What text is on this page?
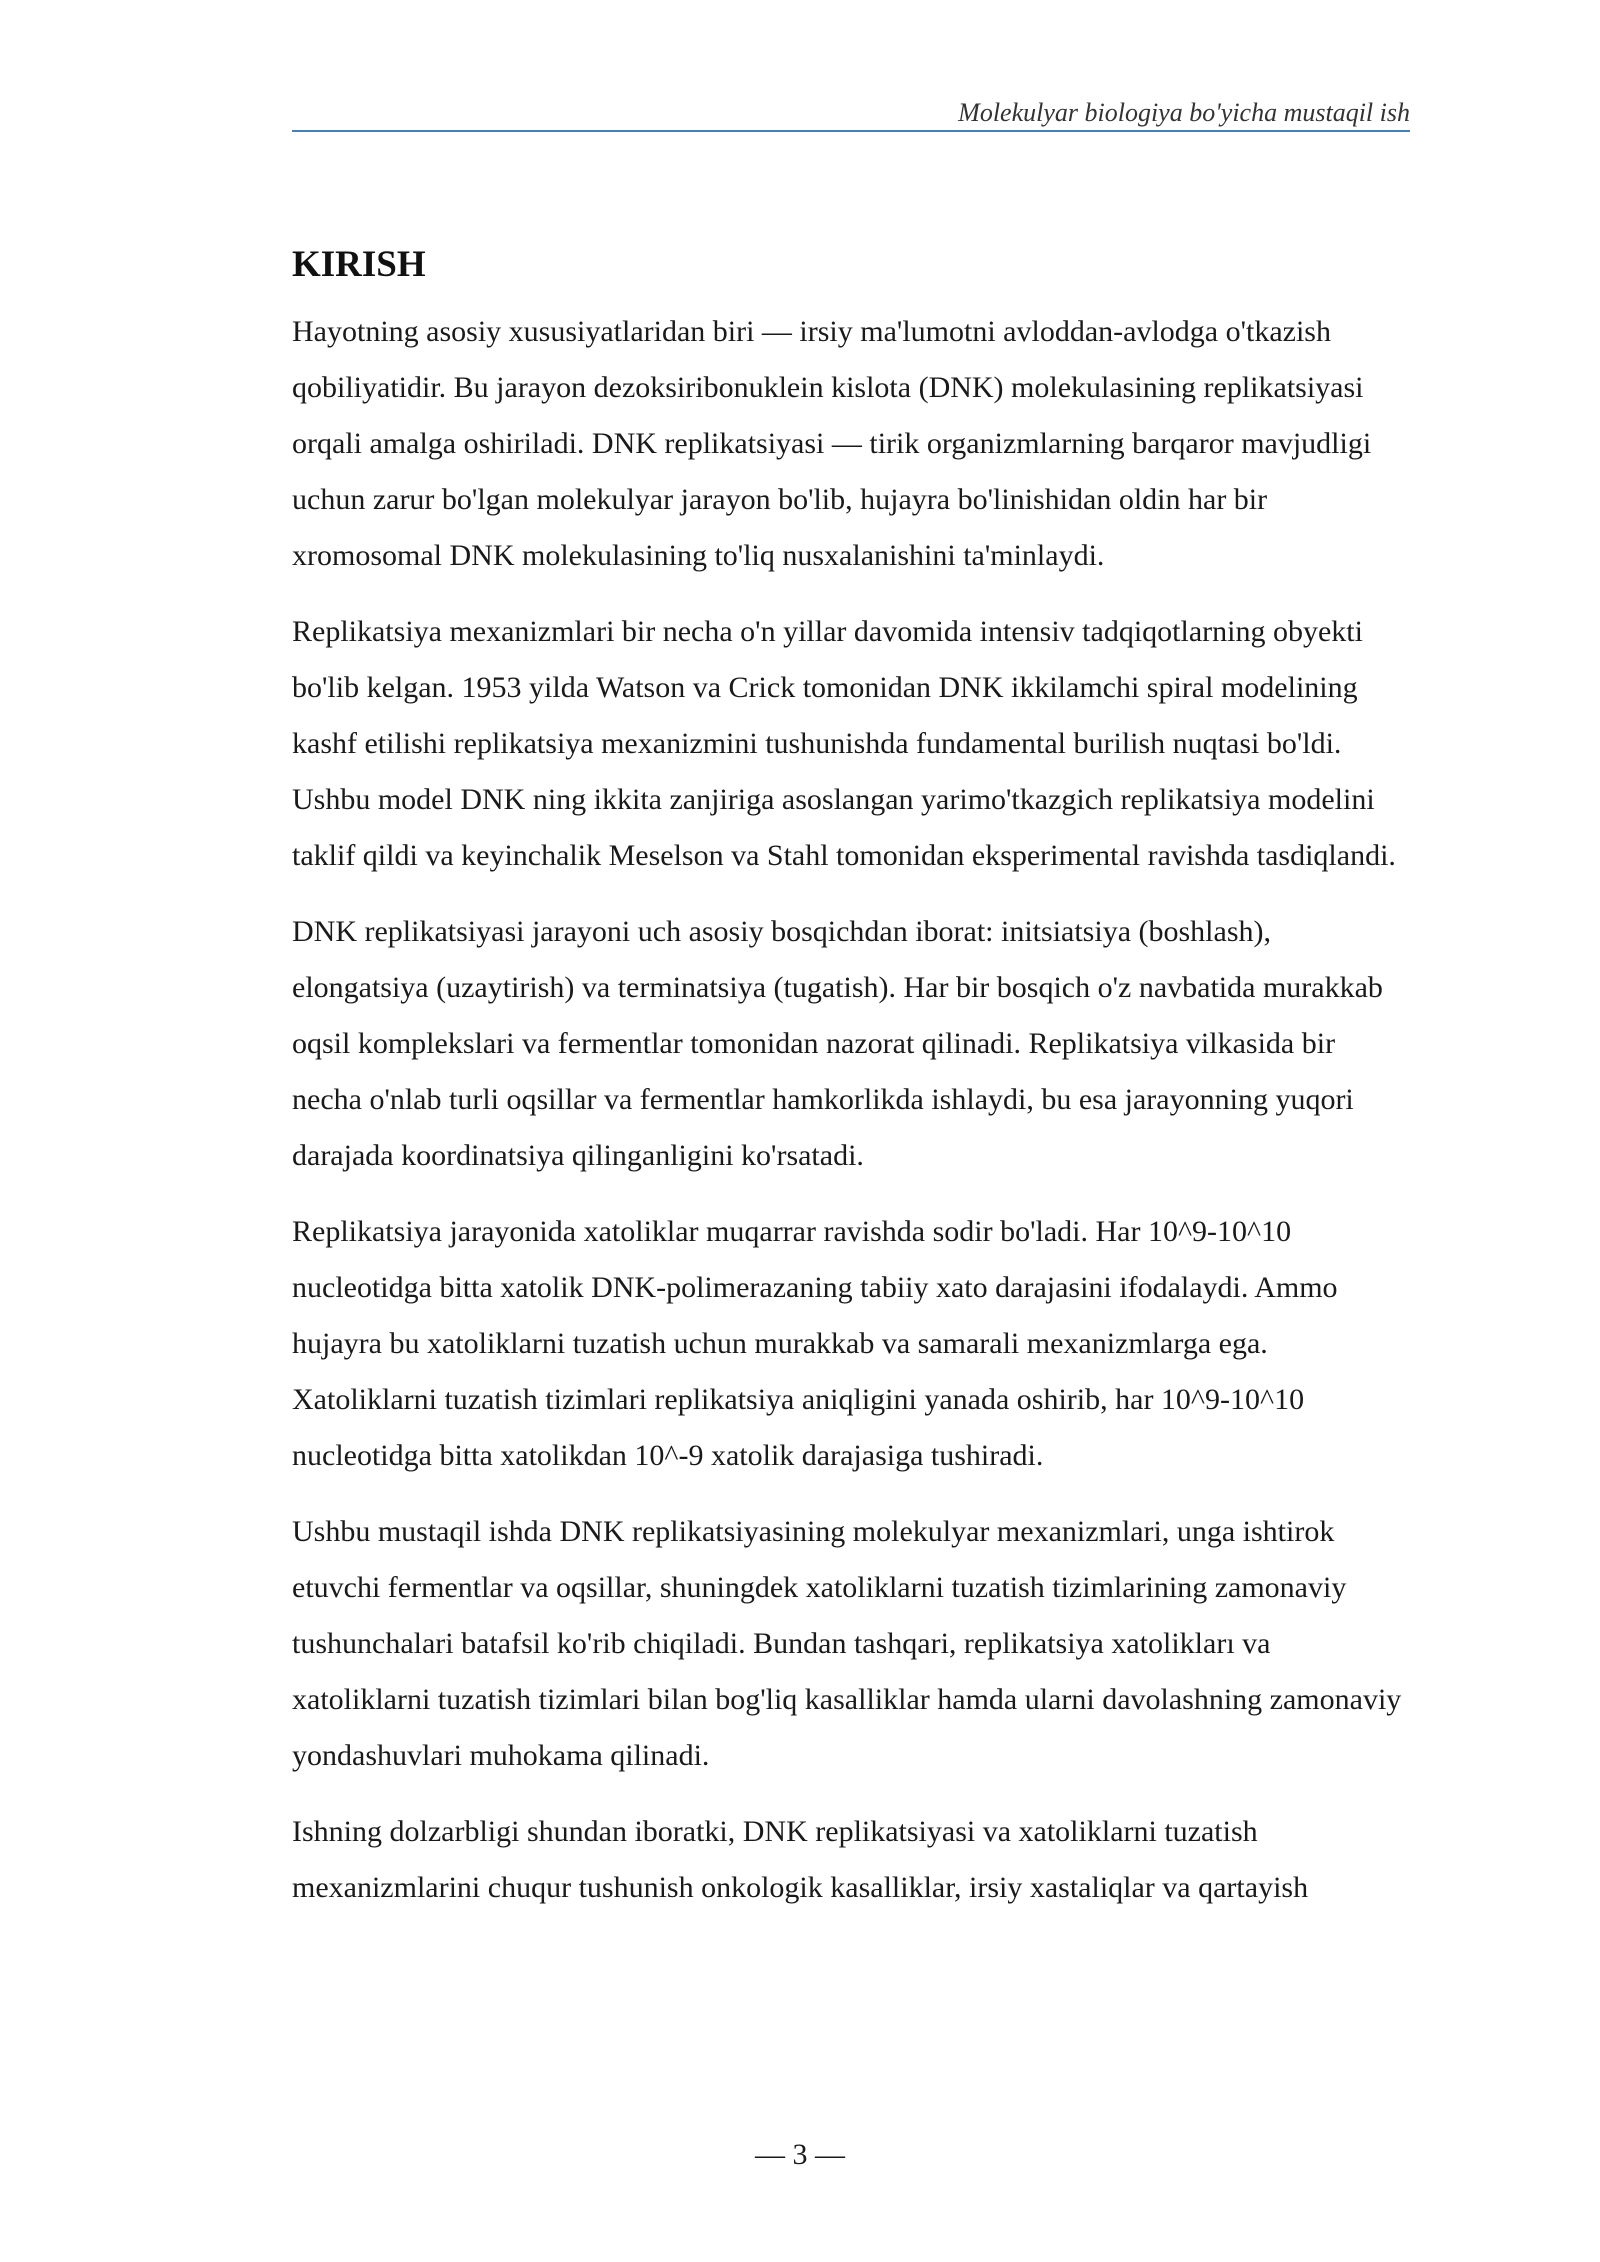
Molekulyar biologiya bo'yicha mustaqil ish
KIRISH

Hayotning asosiy xususiyatlaridan biri — irsiy ma'lumotni avloddan-avlodga o'tkazish qobiliyatidir. Bu jarayon dezoksiribonuklein kislota (DNK) molekulasining replikatsiyasi orqali amalga oshiriladi. DNK replikatsiyasi — tirik organizmlarning barqaror mavjudligi uchun zarur bo'lgan molekulyar jarayon bo'lib, hujayra bo'linishidan oldin har bir xromosomal DNK molekulasining to'liq nusxalanishini ta'minlaydi.

Replikatsiya mexanizmlari bir necha o'n yillar davomida intensiv tadqiqotlarning obyekti bo'lib kelgan. 1953 yilda Watson va Crick tomonidan DNK ikkilamchi spiral modelining kashf etilishi replikatsiya mexanizmini tushunishda fundamental burilish nuqtasi bo'ldi. Ushbu model DNK ning ikkita zanjiriga asoslangan yarimo'tkazgich replikatsiya modelini taklif qildi va keyinchalik Meselson va Stahl tomonidan eksperimental ravishda tasdiqlandi.

DNK replikatsiyasi jarayoni uch asosiy bosqichdan iborat: initsiatsiya (boshlash), elongatsiya (uzaytirish) va terminatsiya (tugatish). Har bir bosqich o'z navbatida murakkab oqsil komplekslari va fermentlar tomonidan nazorat qilinadi. Replikatsiya vilkasida bir necha o'nlab turli oqsillar va fermentlar hamkorlikda ishlaydi, bu esa jarayonning yuqori darajada koordinatsiya qilinganligini ko'rsatadi.

Replikatsiya jarayonida xatoliklar muqarrar ravishda sodir bo'ladi. Har 10^9-10^10 nucleotidga bitta xatolik DNK-polimerazaning tabiiy xato darajasini ifodalaydi. Ammo hujayra bu xatoliklarni tuzatish uchun murakkab va samarali mexanizmlarga ega. Xatoliklarni tuzatish tizimlari replikatsiya aniqligini yanada oshirib, har 10^9-10^10 nucleotidga bitta xatolikdan 10^-9 xatolik darajasiga tushiradi.

Ushbu mustaqil ishda DNK replikatsiyasining molekulyar mexanizmlari, unga ishtirok etuvchi fermentlar va oqsillar, shuningdek xatoliklarni tuzatish tizimlarining zamonaviy tushunchalari batafsil ko'rib chiqiladi. Bundan tashqari, replikatsiya xatolikları va xatoliklarni tuzatish tizimlari bilan bog'liq kasalliklar hamda ularni davolashning zamonaviy yondashuvlari muhokama qilinadi.

Ishning dolzarbligi shundan iboratki, DNK replikatsiyasi va xatoliklarni tuzatish mexanizmlarini chuqur tushunish onkologik kasalliklar, irsiy xastaliqlar va qartayish

— 3 —
